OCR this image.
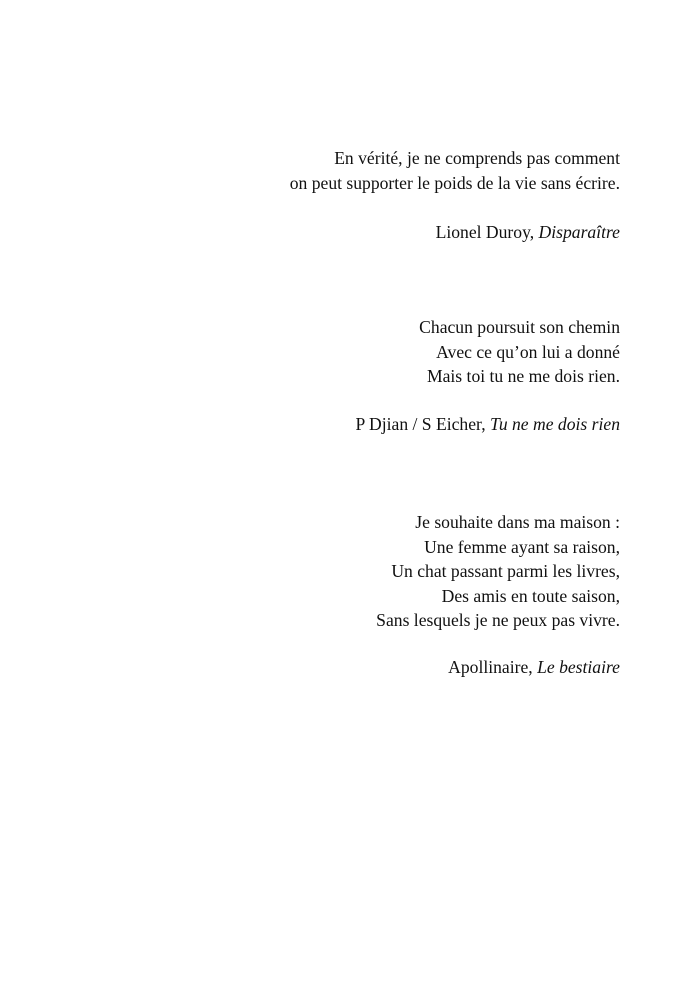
En vérité, je ne comprends pas comment
on peut supporter le poids de la vie sans écrire.
Lionel Duroy, Disparaître
Chacun poursuit son chemin
Avec ce qu’on lui a donné
Mais toi tu ne me dois rien.
P Djian / S Eicher, Tu ne me dois rien
Je souhaite dans ma maison :
Une femme ayant sa raison,
Un chat passant parmi les livres,
Des amis en toute saison,
Sans lesquels je ne peux pas vivre.
Apollinaire, Le bestiaire
